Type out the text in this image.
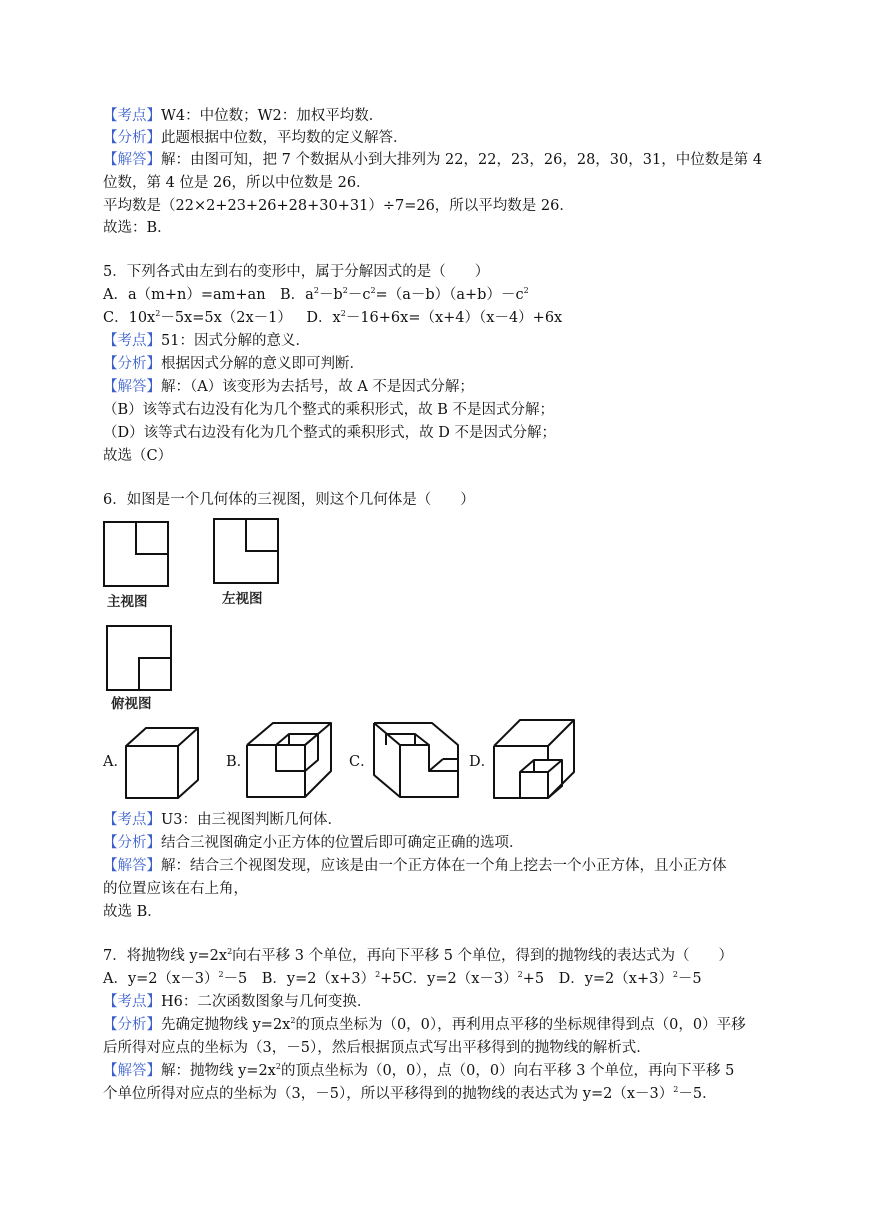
【考点】W4：中位数；W2：加权平均数．
【分析】此题根据中位数，平均数的定义解答．
【解答】解：由图可知，把 7 个数据从小到大排列为 22，22，23，26，28，30，31，中位数是第 4
位数，第 4 位是 26，所以中位数是 26．
平均数是（22×2+23+26+28+30+31）÷7=26，所以平均数是 26．
故选：B．
5．下列各式由左到右的变形中，属于分解因式的是（　　）
A．a（m+n）=am+an  B．$a^2-b^2-c^2=(a-b)(a+b)-c^2$
C．$10x^2-5x=5x(2x-1)$  D．$x^2-16+6x=(x+4)(x-4)+6x$
【考点】51：因式分解的意义．
【分析】根据因式分解的意义即可判断．
【解答】解：（A）该变形为去括号，故 A 不是因式分解；
（B）该等式右边没有化为几个整式的乘积形式，故 B 不是因式分解；
（D）该等式右边没有化为几个整式的乘积形式，故 D 不是因式分解；
故选（C）
6．如图是一个几何体的三视图，则这个几何体是（　　）
主视图	左视图
俯视图
A．	B．	C．	D．
【考点】U3：由三视图判断几何体．
【分析】结合三视图确定小正方体的位置后即可确定正确的选项．
【解答】解：结合三个视图发现，应该是由一个正方体在一个角上挖去一个小正方体，且小正方体
的位置应该在右上角，
故选 B．
7．将抛物线 $y=2x^2$向右平移 3 个单位，再向下平移 5 个单位，得到的抛物线的表达式为（　　）
A．$y=2(x-3)^2-5$  B．$y=2(x+3)^2+5C$．$y=2(x-3)^2+5$  D．$y=2(x+3)^2-5$
【考点】H6：二次函数图象与几何变换．
【分析】先确定抛物线 $y=2x^2$的顶点坐标为（0，0），再利用点平移的坐标规律得到点（0，0）平移
后所得对应点的坐标为（3，－5），然后根据顶点式写出平移得到的抛物线的解析式．
【解答】解：抛物线 $y=2x^2$的顶点坐标为（0，0），点（0，0）向右平移 3 个单位，再向下平移 5
个单位所得对应点的坐标为（3，－5），所以平移得到的抛物线的表达式为 $y=2(x-3)^2-5$．
